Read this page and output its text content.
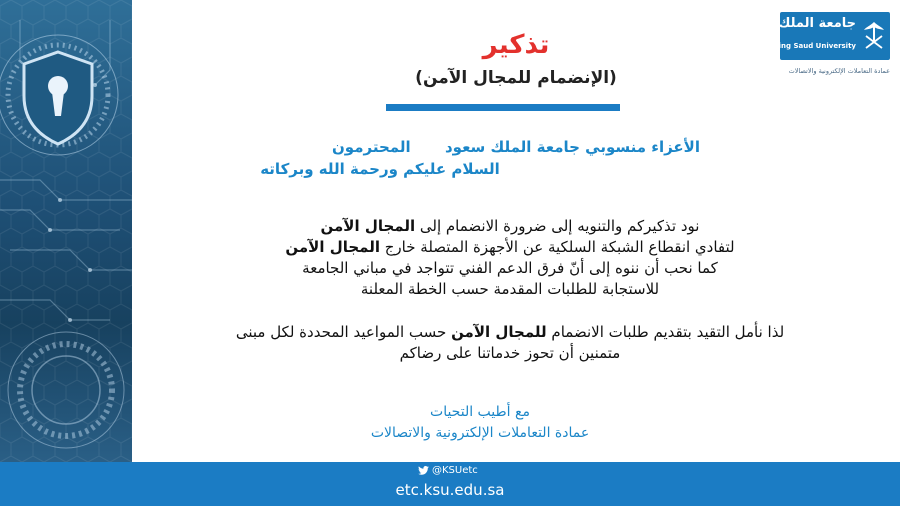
جامعة الملك سعود
King Saud University
عمادة التعاملات الإلكترونية والاتصالات
تذكير
(الإنضمام للمجال الآمن)
الأعزاء منسوبي جامعة الملك سعود
المحترمون
السلام عليكم ورحمة الله وبركاته
نود تذكيركم والتنويه إلى ضرورة الانضمام إلى المجال الآمن
لتفادي انقطاع الشبكة السلكية عن الأجهزة المتصلة خارج المجال الآمن
كما نحب أن ننوه إلى أنّ فرق الدعم الفني تتواجد في مباني الجامعة
للاستجابة للطلبات المقدمة حسب الخطة المعلنة
لذا نأمل التقيد بتقديم طلبات الانضمام للمجال الآمن حسب المواعيد المحددة لكل مبنى
متمنين أن تحوز خدماتنا على رضاكم
مع أطيب التحيات
عمادة التعاملات الإلكترونية والاتصالات
@KSUetc
etc.ksu.edu.sa
